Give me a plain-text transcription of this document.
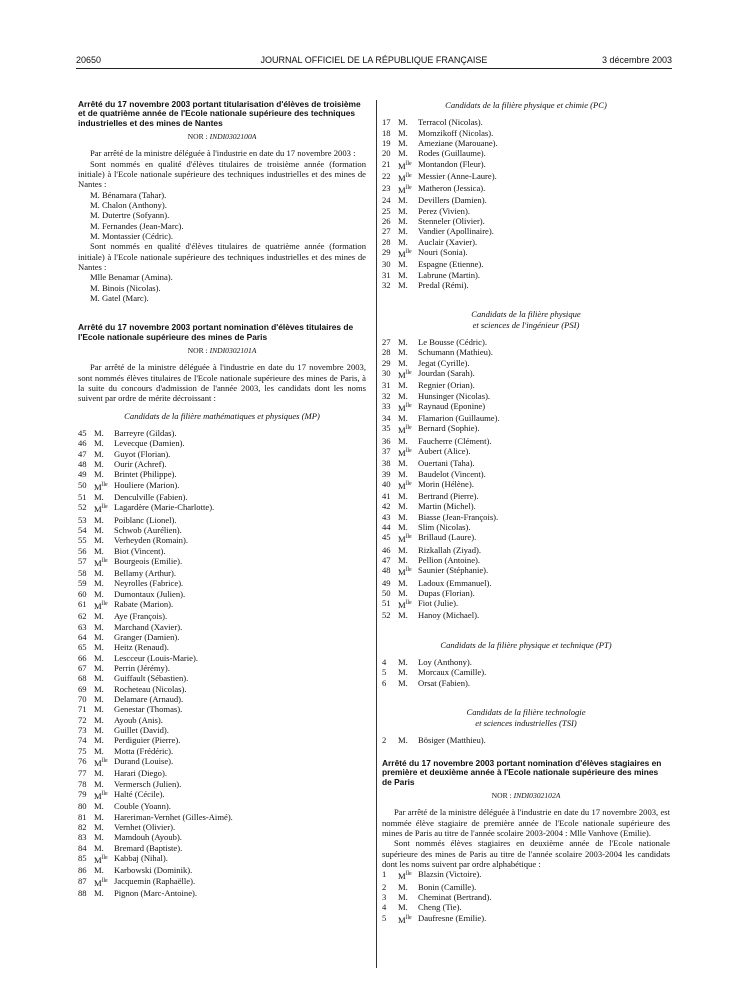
20650	JOURNAL OFFICIEL DE LA RÉPUBLIQUE FRANÇAISE	3 décembre 2003
Arrêté du 17 novembre 2003 portant titularisation d'élèves de troisième et de quatrième année de l'Ecole nationale supérieure des techniques industrielles et des mines de Nantes
NOR : INDI0302100A

Par arrêté de la ministre déléguée à l'industrie en date du 17 novembre 2003 :

Sont nommés en qualité d'élèves titulaires de troisième année (formation initiale) à l'Ecole nationale supérieure des techniques industrielles et des mines de Nantes :

M. Bénamara (Tahar).
M. Chalon (Anthony).
M. Dutertre (Sofyann).
M. Fernandes (Jean-Marc).
M. Montassier (Cédric).

Sont nommés en qualité d'élèves titulaires de quatrième année (formation initiale) à l'Ecole nationale supérieure des techniques industrielles et des mines de Nantes :

Mlle Benamar (Amina).
M. Binois (Nicolas).
M. Gatel (Marc).
Arrêté du 17 novembre 2003 portant nomination d'élèves titulaires de l'Ecole nationale supérieure des mines de Paris
NOR : INDI0302101A

Par arrêté de la ministre déléguée à l'industrie en date du 17 novembre 2003, sont nommés élèves titulaires de l'Ecole nationale supérieure des mines de Paris, à la suite du concours d'admission de l'année 2003, les candidats dont les noms suivent par ordre de mérite décroissant :

Candidats de la filière mathématiques et physiques (MP)
45 M.	Barreyre (Gildas).
46 M.	Levecque (Damien).
47 M.	Guyot (Florian).
48 M.	Ourir (Achref).
49 M.	Brintet (Philippe).
50 $M^{lle}$ Houliere (Marion).
51 M.	Denculville (Fabien).
52 $M^{lle}$ Lagardère (Marie-Charlotte).
53 M.	Poiblanc (Lionel).
54 M.	Schwob (Aurélien).
55 M.	Verheyden (Romain).
56 M.	Biot (Vincent).
57 $M^{lle}$ Bourgeois (Emilie).
58 M.	Bellamy (Arthur).
59 M.	Neyrolles (Fabrice).
60 M.	Dumontaux (Julien).
61 $M^{lle}$ Rabate (Marion).
62 M.	Aye (François).
63 M.	Marchand (Xavier).
64 M.	Granger (Damien).
65 M.	Heitz (Renaud).
66 M.	Lescceur (Louis-Marie).
67 M.	Perrin (Jérémy).
68 M.	Guiffault (Sébastien).
69 M.	Rocheteau (Nicolas).
70 M.	Delamare (Arnaud).
71 M.	Genestar (Thomas).
72 M.	Ayoub (Anis).
73 M.	Guillet (David).
74 M.	Perdiguier (Pierre).
75 M.	Motta (Frédéric).
76 $M^{lle}$ Durand (Louise).
77 M.	Harari (Diego).
78 M.	Vermersch (Julien).
79 $M^{lle}$ Halté (Cécile).
80 M.	Couble (Yoann).
81 M.	Hareriman-Vernhet (Gilles-Aimé).
82 M.	Vernhet (Olivier).
83 M.	Mamdouh (Ayoub).
84 M.	Bremard (Baptiste).
85 $M^{lle}$ Kabbaj (Nihal).
86 M.	Karbowski (Dominik).
87 $M^{lle}$ Jacquemin (Raphaëlle).
88 M.	Pignon (Marc-Antoine).
Candidats de la filière physique et chimie (PC)
17 M.	Terracol (Nicolas).
18 M.	Momzikoff (Nicolas).
19 M.	Ameziane (Marouane).
20 M.	Rodes (Guillaume).
21 $M^{lle}$ Montandon (Fleur).
22 $M^{lle}$ Messier (Anne-Laure).
23 $M^{lle}$ Matheron (Jessica).
24 M.	Devillers (Damien).
25 M.	Perez (Vivien).
26 M.	Stenneler (Olivier).
27 M.	Vandier (Apollinaire).
28 M.	Auclair (Xavier).
29 $M^{lle}$ Nouri (Sonia).
30 M.	Espagne (Etienne).
31 M.	Labrune (Martin).
32 M.	Predal (Rémi).
Candidats de la filière physique
et sciences de l'ingénieur (PSI)
27 M.	Le Bousse (Cédric).
28 M.	Schumann (Mathieu).
29 M.	Jegat (Cyrille).
30 $M^{lle}$ Jourdan (Sarah).
31 M.	Regnier (Orian).
32 M.	Hunsinger (Nicolas).
33 $M^{lle}$ Raynaud (Eponine)
34 M.	Flamarion (Guillaume).
35 $M^{lle}$ Bernard (Sophie).
36 M.	Faucherre (Clément).
37 $M^{lle}$ Aubert (Alice).
38 M.	Ouertani (Taha).
39 M.	Baudelot (Vincent).
40 $M^{lle}$ Morin (Hélène).
41 M.	Bertrand (Pierre).
42 M.	Martin (Michel).
43 M.	Biasse (Jean-François).
44 M.	Slim (Nicolas).
45 $M^{lle}$ Brillaud (Laure).
46 M.	Rizkallah (Ziyad).
47 M.	Pellion (Antoine).
48 $M^{lle}$ Saunier (Stéphanie).
49 M.	Ladoux (Emmanuel).
50 M.	Dupas (Florian).
51 $M^{lle}$ Fiot (Julie).
52 M.	Hanoy (Michael).
Candidats de la filière physique et technique (PT)
4	M.	Loy (Anthony).
5	M.	Morcaux (Camille).
6	M.	Orsat (Fabien).
Candidats de la filière technologie
et sciences industrielles (TSI)
2	M.	Bösiger (Matthieu).
Arrêté du 17 novembre 2003 portant nomination d'élèves stagiaires en première et deuxième année à l'Ecole nationale supérieure des mines de Paris
NOR : INDI0302102A

Par arrêté de la ministre déléguée à l'industrie en date du 17 novembre 2003, est nommée élève stagiaire de première année de l'Ecole nationale supérieure des mines de Paris au titre de l'année scolaire 2003-2004 : Mlle Vanhove (Emilie).

Sont nommés élèves stagiaires en deuxième année de l'Ecole nationale supérieure des mines de Paris au titre de l'année scolaire 2003-2004 les candidats dont les noms suivent par ordre alphabétique :

1	$M^{lle}$ Blazsin (Victoire).
2	M.	Bonin (Camille).
3	M.	Cheminat (Bertrand).
4	M.	Cheng (Tie).
5	$M^{lle}$ Daufresne (Emilie).
